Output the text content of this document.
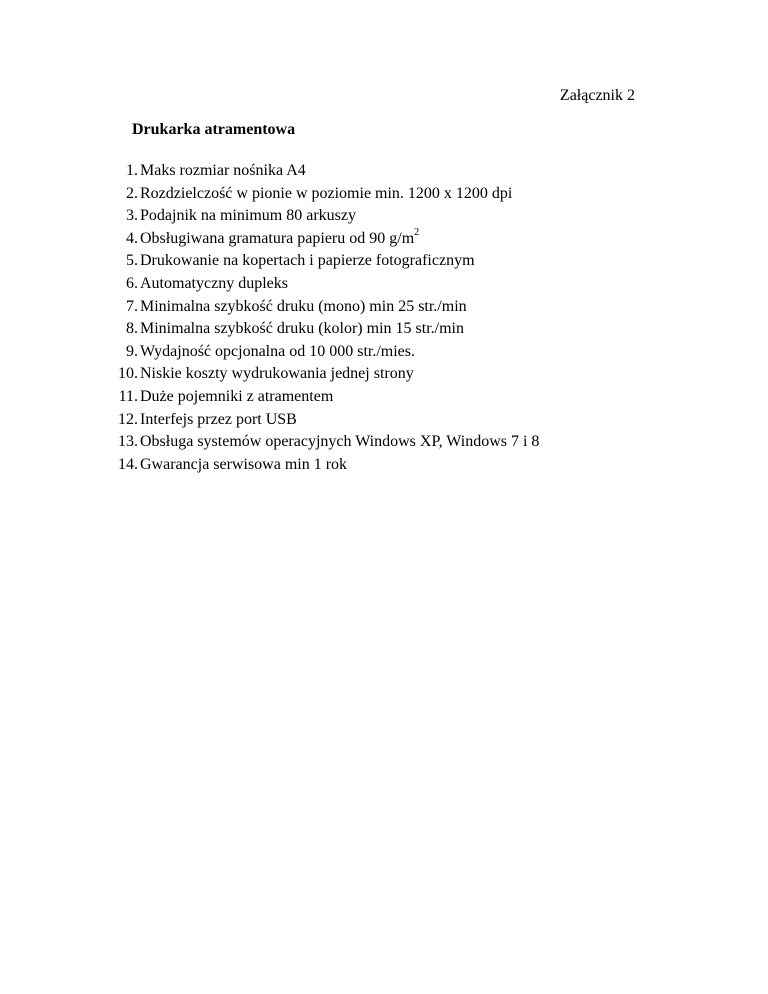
Załącznik 2
Drukarka atramentowa
1. Maks rozmiar nośnika A4
2. Rozdzielczość w pionie w poziomie min. 1200 x 1200 dpi
3. Podajnik na minimum 80 arkuszy
4. Obsługiwana gramatura papieru od 90 $g/m^2$
5. Drukowanie na kopertach i papierze fotograficznym
6. Automatyczny dupleks
7. Minimalna szybkość druku (mono) min 25 str./min
8. Minimalna szybkość druku (kolor) min 15 str./min
9. Wydajność opcjonalna od 10 000 str./mies.
10. Niskie koszty wydrukowania jednej strony
11. Duże pojemniki z atramentem
12. Interfejs przez port USB
13. Obsługa systemów operacyjnych Windows XP, Windows 7 i 8
14. Gwarancja serwisowa min 1 rok
